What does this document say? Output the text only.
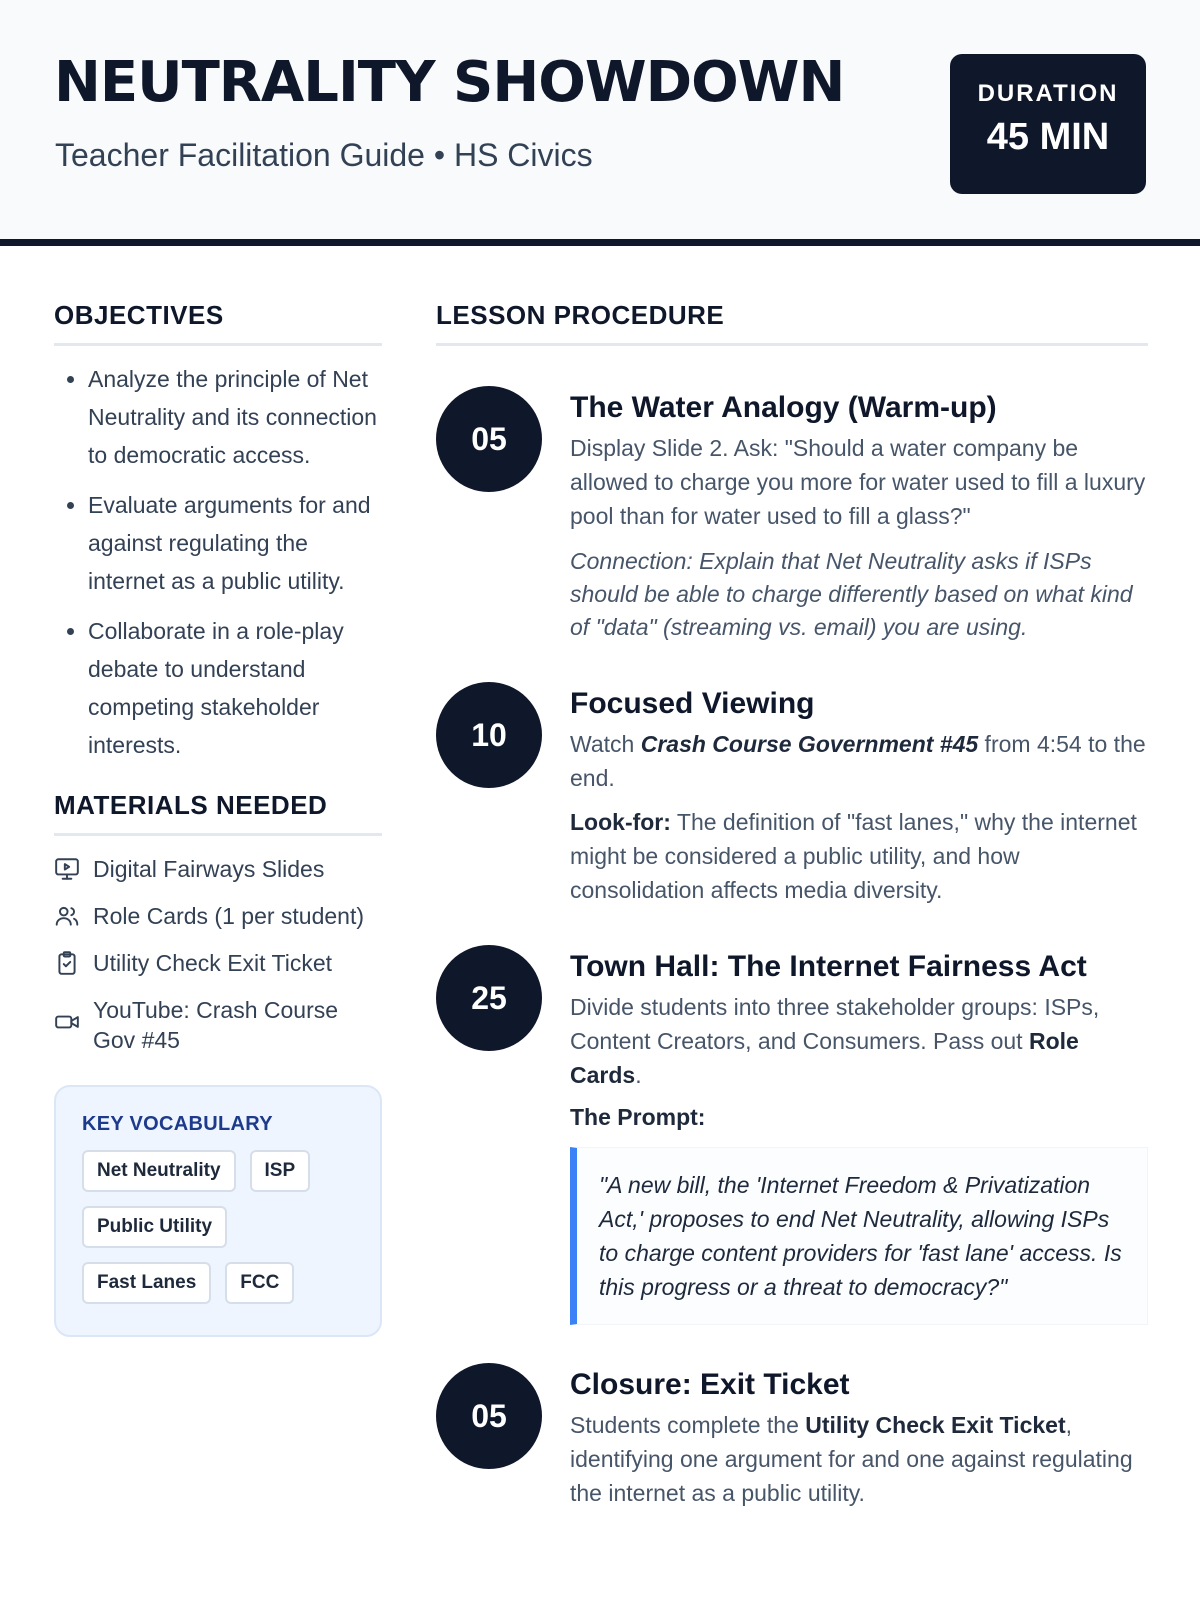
NEUTRALITY SHOWDOWN
Teacher Facilitation Guide • HS Civics
DURATION
45 MIN
OBJECTIVES
• Analyze the principle of Net Neutrality and its connection to democratic access.
• Evaluate arguments for and against regulating the internet as a public utility.
• Collaborate in a role-play debate to understand competing stakeholder interests.
MATERIALS NEEDED
Digital Fairways Slides
Role Cards (1 per student)
Utility Check Exit Ticket
YouTube: Crash Course Gov #45
KEY VOCABULARY
Net Neutrality	ISP
Public Utility
Fast Lanes	FCC
LESSON PROCEDURE
05
The Water Analogy (Warm-up)
Display Slide 2. Ask: "Should a water company be allowed to charge you more for water used to fill a luxury pool than for water used to fill a glass?"
Connection: Explain that Net Neutrality asks if ISPs should be able to charge differently based on what kind of "data" (streaming vs. email) you are using.
10
Focused Viewing
Watch Crash Course Government #45 from 4:54 to the end.
Look-for: The definition of "fast lanes," why the internet might be considered a public utility, and how consolidation affects media diversity.
25
Town Hall: The Internet Fairness Act
Divide students into three stakeholder groups: ISPs, Content Creators, and Consumers. Pass out Role Cards.
The Prompt:
"A new bill, the 'Internet Freedom & Privatization Act,' proposes to end Net Neutrality, allowing ISPs to charge content providers for 'fast lane' access. Is this progress or a threat to democracy?"
05
Closure: Exit Ticket
Students complete the Utility Check Exit Ticket, identifying one argument for and one against regulating the internet as a public utility.
